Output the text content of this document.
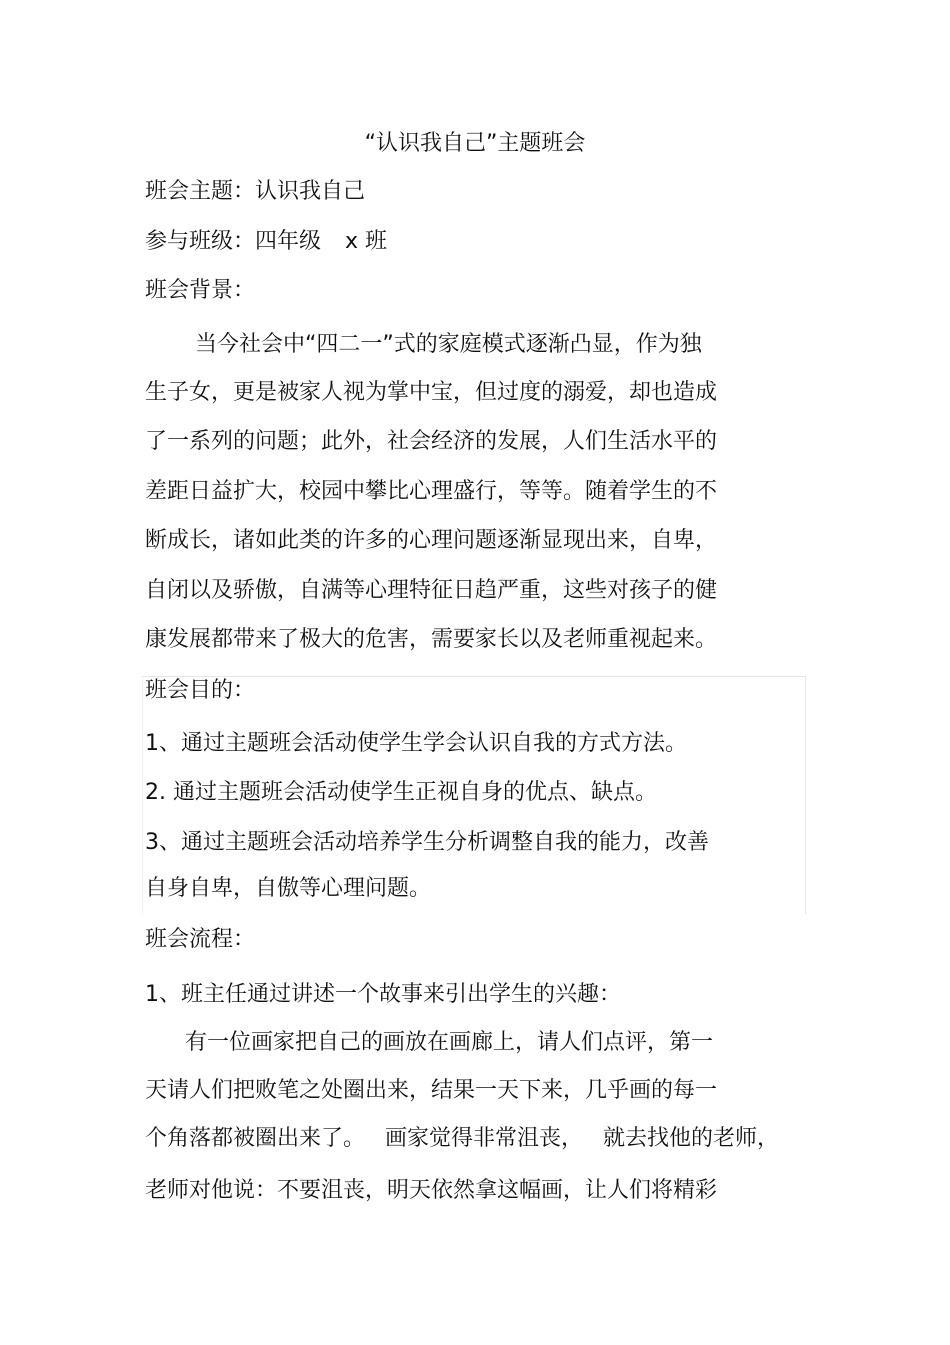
“认识我自己”主题班会
班会主题：认识我自己
参与班级：四年级 x 班
班会背景：
当今社会中“四二一”式的家庭模式逐渐凸显，作为独
生子女，更是被家人视为掌中宝，但过度的溺爱，却也造成
了一系列的问题；此外，社会经济的发展，人们生活水平的
差距日益扩大，校园中攀比心理盛行，等等。随着学生的不
断成长，诸如此类的许多的心理问题逐渐显现出来，自卑，
自闭以及骄傲，自满等心理特征日趋严重，这些对孩子的健
康发展都带来了极大的危害，需要家长以及老师重视起来。
班会目的：
1、通过主题班会活动使学生学会认识自我的方式方法。
2. 通过主题班会活动使学生正视自身的优点、缺点。
3、通过主题班会活动培养学生分析调整自我的能力，改善
自身自卑，自傲等心理问题。
班会流程：
1、班主任通过讲述一个故事来引出学生的兴趣：
有一位画家把自己的画放在画廊上，请人们点评，第一
天请人们把败笔之处圈出来，结果一天下来，几乎画的每一
个角落都被圈出来了。 画家觉得非常沮丧， 就去找他的老师，
老师对他说：不要沮丧，明天依然拿这幅画，让人们将精彩
